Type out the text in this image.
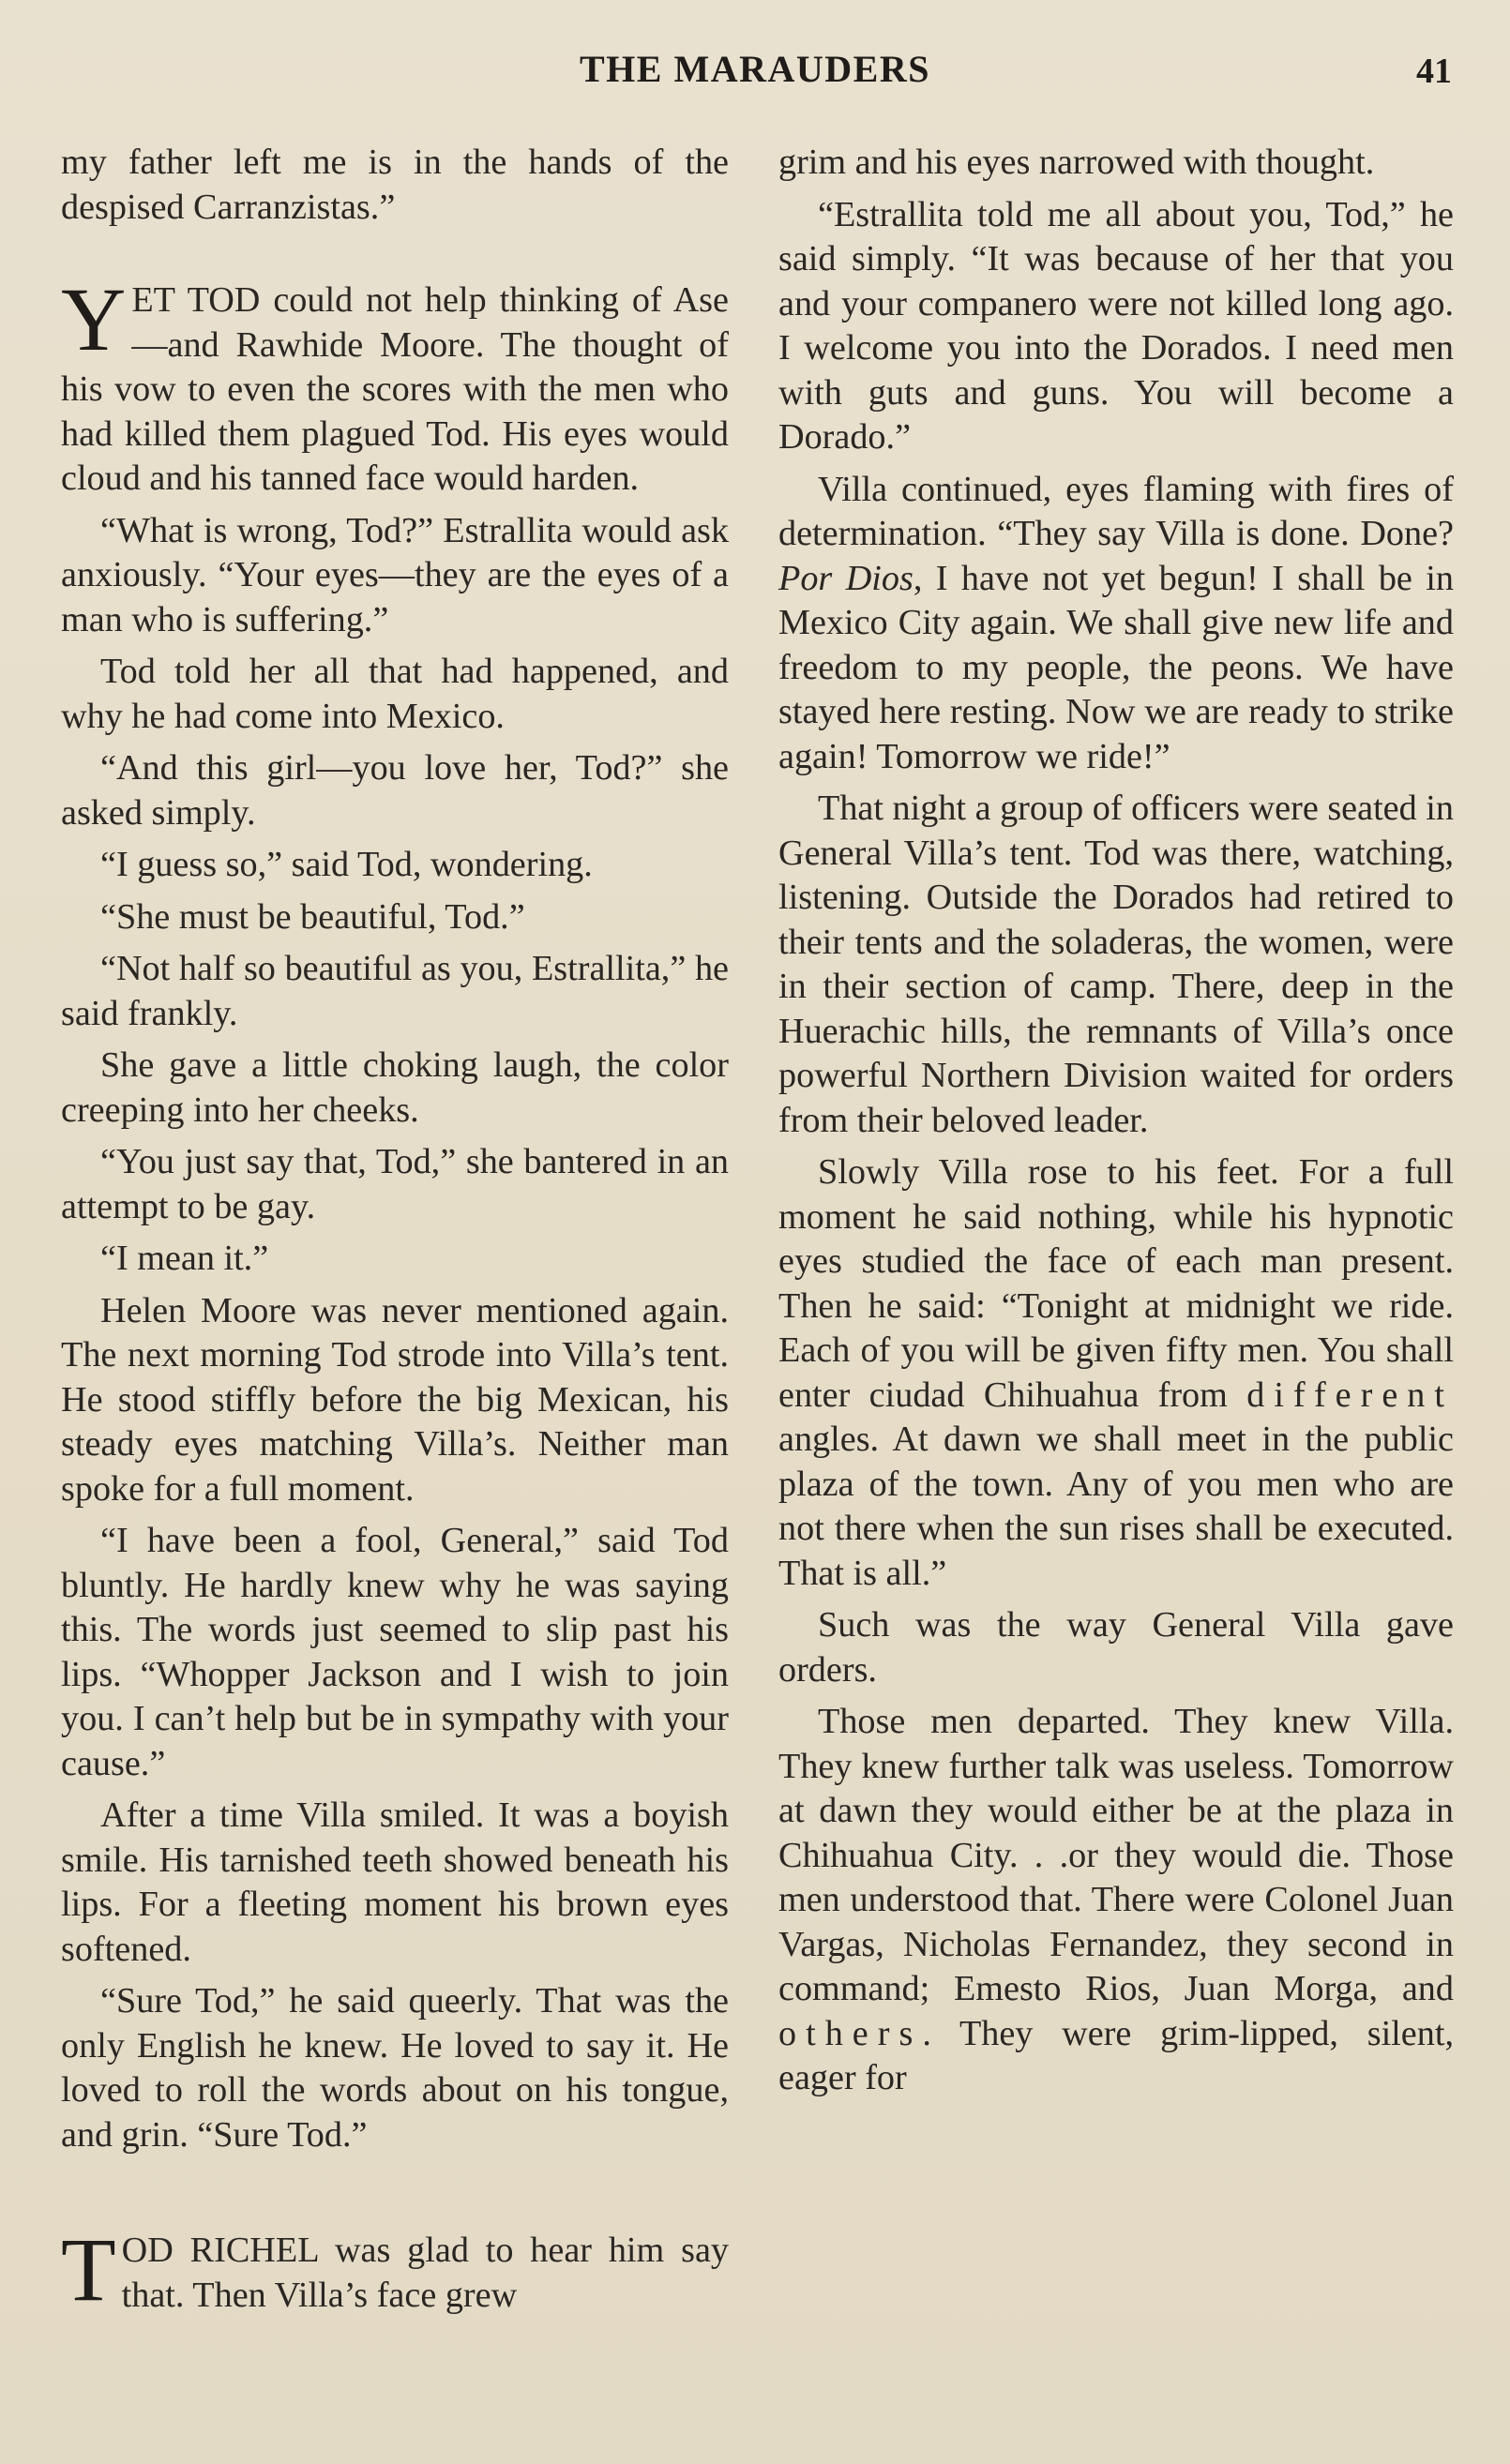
THE MARAUDERS	41

my father left me is in the hands of the despised Carranzistas.”

YET TOD could not help thinking of Ase—and Rawhide Moore. The thought of his vow to even the scores with the men who had killed them plagued Tod. His eyes would cloud and his tanned face would harden.

“What is wrong, Tod?” Estrallita would ask anxiously. “Your eyes—they are the eyes of a man who is suffering.”

Tod told her all that had happened, and why he had come into Mexico.

“And this girl—you love her, Tod?” she asked simply.

“I guess so,” said Tod, wondering.

“She must be beautiful, Tod.”

“Not half so beautiful as you, Estrallita,” he said frankly.

She gave a little choking laugh, the color creeping into her cheeks.

“You just say that, Tod,” she bantered in an attempt to be gay.

“I mean it.”

Helen Moore was never mentioned again. The next morning Tod strode into Villa’s tent. He stood stiffly before the big Mexican, his steady eyes matching Villa’s. Neither man spoke for a full moment.

“I have been a fool, General,” said Tod bluntly. He hardly knew why he was saying this. The words just seemed to slip past his lips. “Whopper Jackson and I wish to join you. I can’t help but be in sympathy with your cause.”

After a time Villa smiled. It was a boyish smile. His tarnished teeth showed beneath his lips. For a fleeting moment his brown eyes softened.

“Sure Tod,” he said queerly. That was the only English he knew. He loved to say it. He loved to roll the words about on his tongue, and grin. “Sure Tod.”

TOD RICHEL was glad to hear him say that. Then Villa’s face grew

grim and his eyes narrowed with thought.

“Estrallita told me all about you, Tod,” he said simply. “It was because of her that you and your companero were not killed long ago. I welcome you into the Dorados. I need men with guts and guns. You will become a Dorado.”

Villa continued, eyes flaming with fires of determination. “They say Villa is done. Done? Por Dios, I have not yet begun! I shall be in Mexico City again. We shall give new life and freedom to my people, the peons. We have stayed here resting. Now we are ready to strike again! Tomorrow we ride!”

That night a group of officers were seated in General Villa’s tent. Tod was there, watching, listening. Outside the Dorados had retired to their tents and the soladeras, the women, were in their section of camp. There, deep in the Huerachic hills, the remnants of Villa’s once powerful Northern Division waited for orders from their beloved leader.

Slowly Villa rose to his feet. For a full moment he said nothing, while his hypnotic eyes studied the face of each man present. Then he said: “Tonight at midnight we ride. Each of you will be given fifty men. You shall enter ciudad Chihuahua from different angles. At dawn we shall meet in the public plaza of the town. Any of you men who are not there when the sun rises shall be executed. That is all.”

Such was the way General Villa gave orders.

Those men departed. They knew Villa. They knew further talk was useless. Tomorrow at dawn they would either be at the plaza in Chihuahua City. . .or they would die. Those men understood that. There were Colonel Juan Vargas, Nicholas Fernandez, they second in command; Emesto Rios, Juan Morga, and others. They were grim-lipped, silent, eager for
